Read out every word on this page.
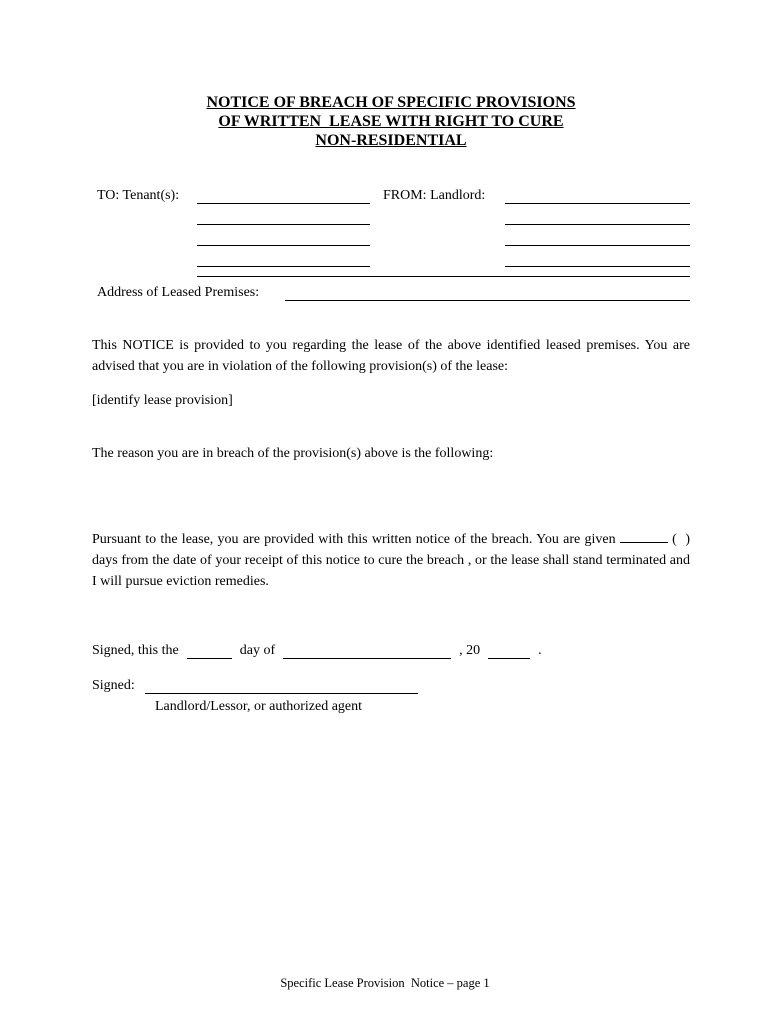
NOTICE OF BREACH OF SPECIFIC PROVISIONS
OF WRITTEN  LEASE WITH RIGHT TO CURE
NON-RESIDENTIAL
TO: Tenant(s):	FROM: Landlord:
Address of Leased Premises:

This NOTICE is provided to you regarding the lease of the above identified leased premises. You are advised that you are in violation of the following provision(s) of the lease:

[identify lease provision]

The reason you are in breach of the provision(s) above is the following:

Pursuant to the lease, you are provided with this written notice of the breach. You are given	(  ) days from the date of your receipt of this notice to cure the breach , or the lease shall stand terminated and I will pursue eviction remedies.

Signed, this the	day of	, 20	.
Signed:
Landlord/Lessor, or authorized agent
Specific Lease Provision  Notice – page 1
